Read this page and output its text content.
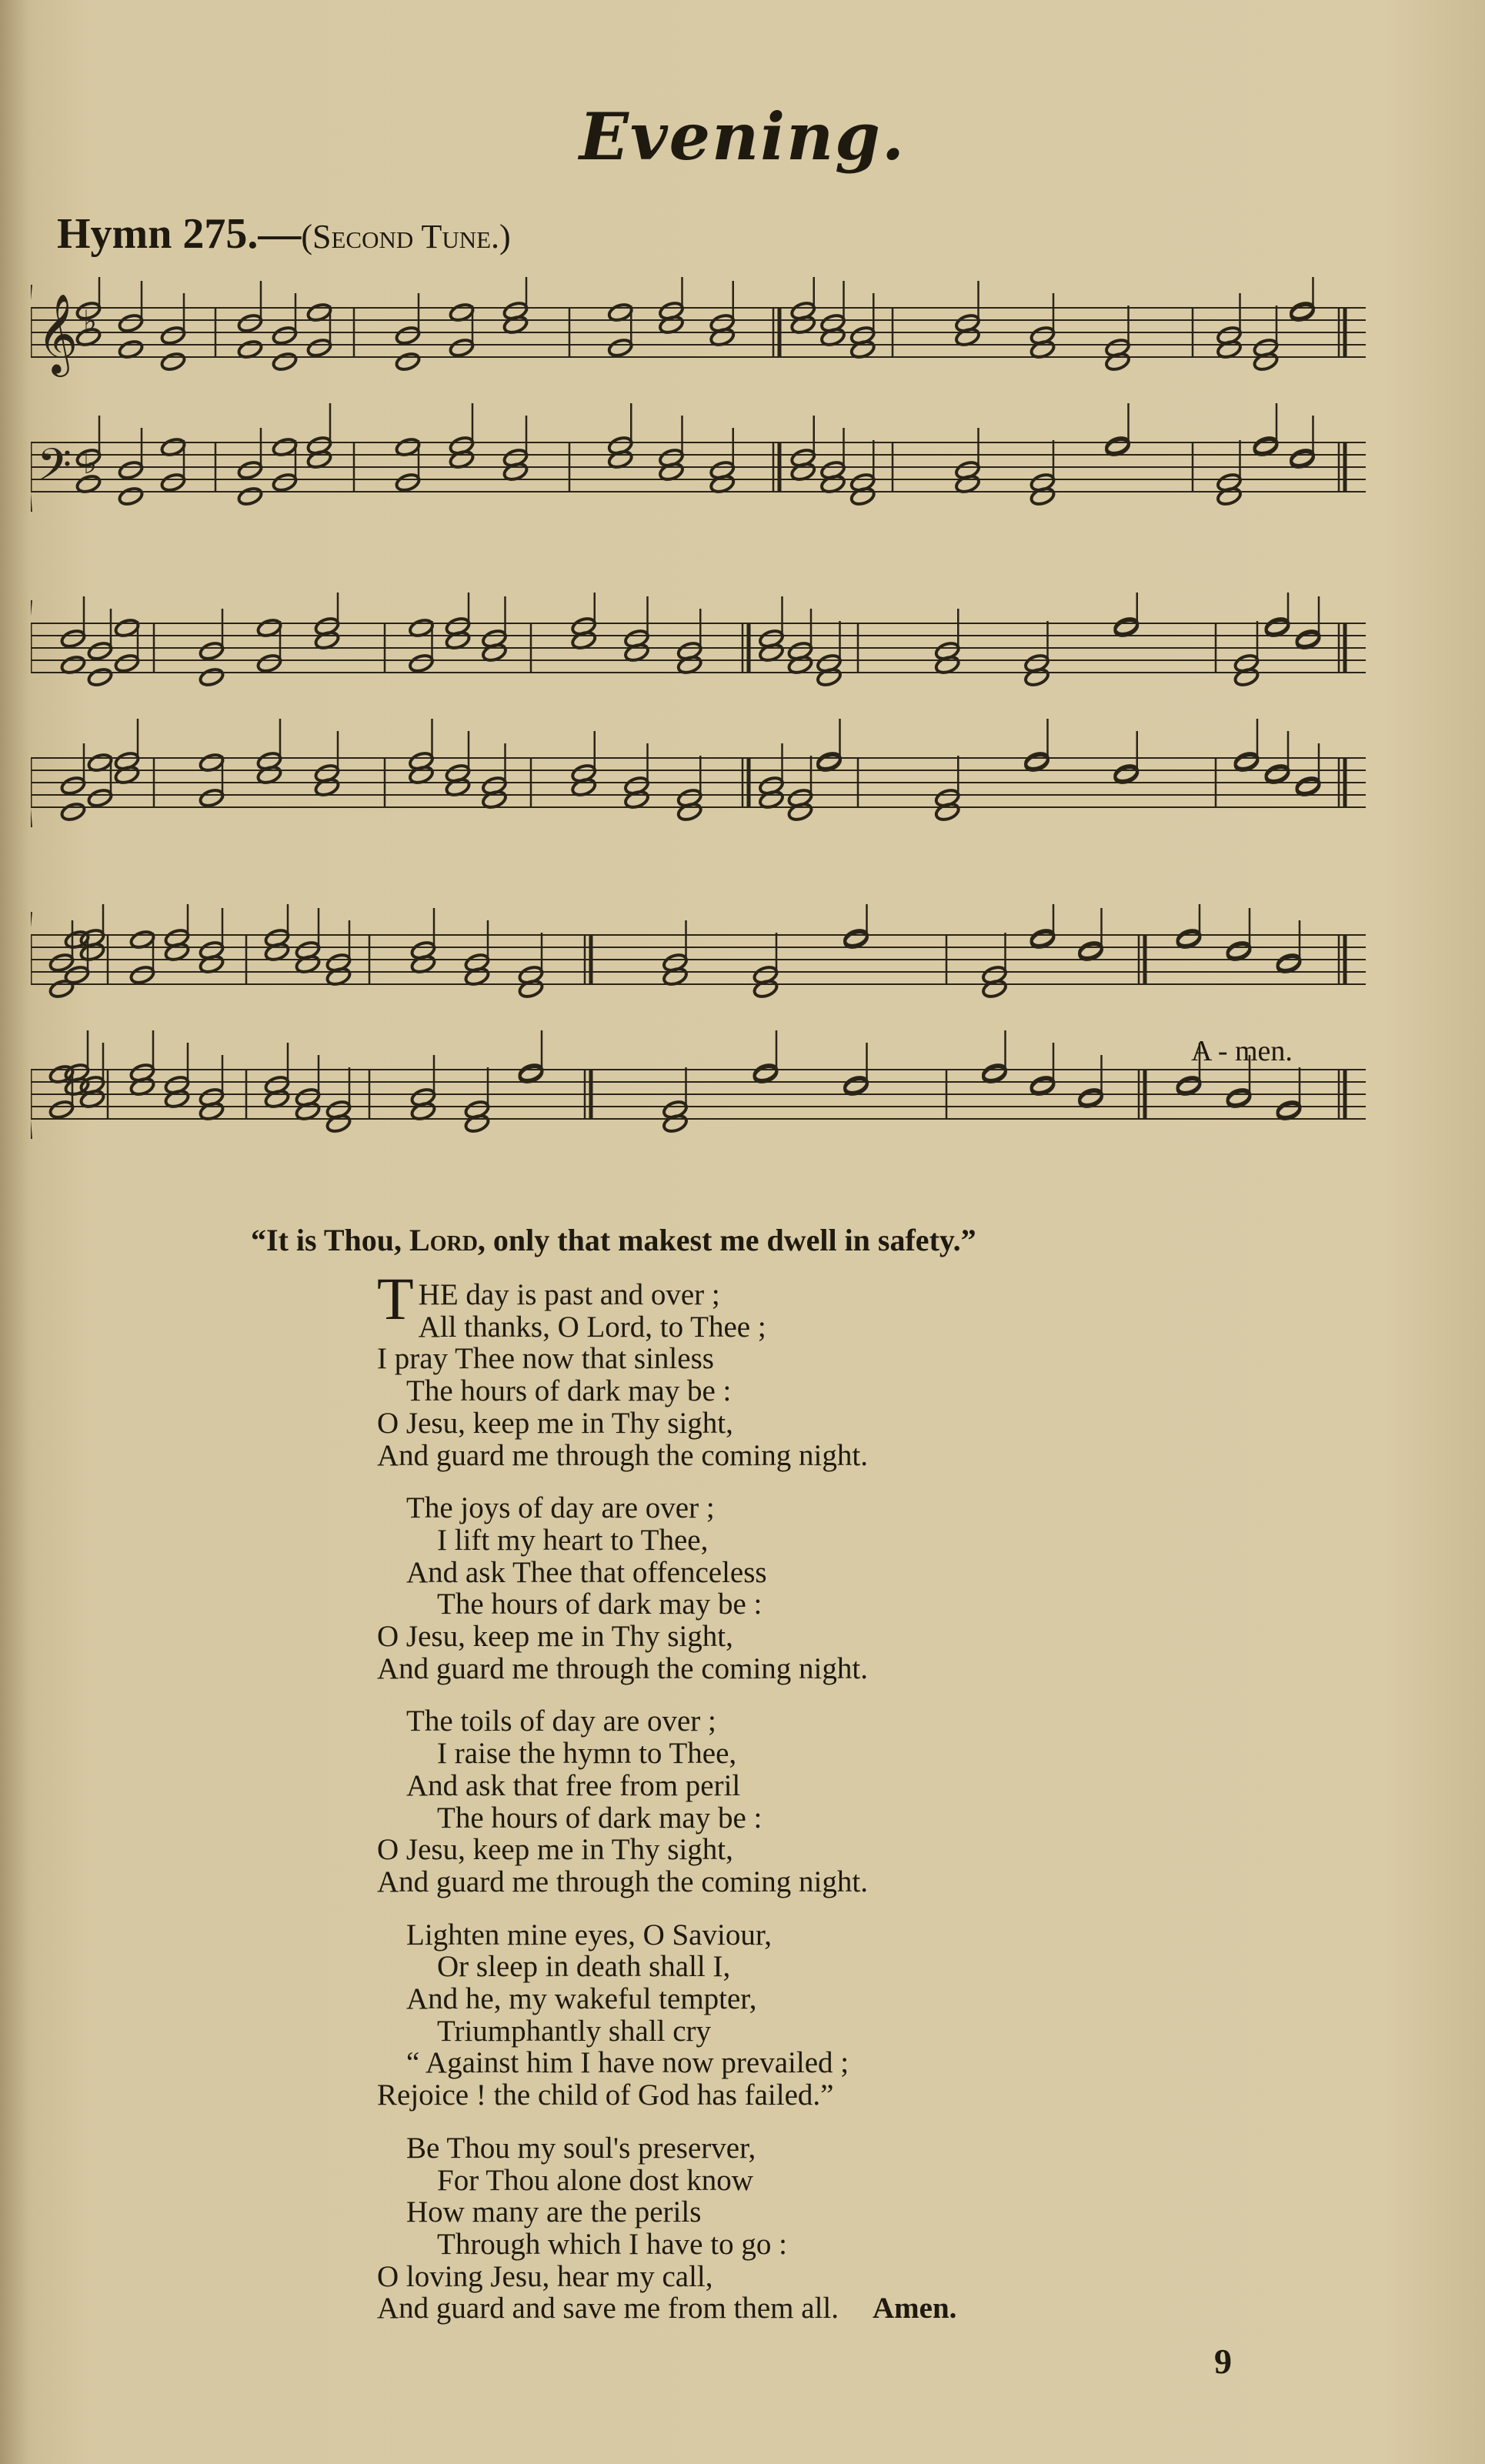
Evening.
Hymn 275.—(Second Tune.)
𝄞
𝄢
♭
♭
A - men.
“It is Thou, Lord, only that makest me dwell in safety.”
THE day is past and over ;
All thanks, O Lord, to Thee ;
I pray Thee now that sinless
The hours of dark may be :
O Jesu, keep me in Thy sight,
And guard me through the coming night.
The joys of day are over ;
I lift my heart to Thee,
And ask Thee that offenceless
The hours of dark may be :
O Jesu, keep me in Thy sight,
And guard me through the coming night.
The toils of day are over ;
I raise the hymn to Thee,
And ask that free from peril
The hours of dark may be :
O Jesu, keep me in Thy sight,
And guard me through the coming night.
Lighten mine eyes, O Saviour,
Or sleep in death shall I,
And he, my wakeful tempter,
Triumphantly shall cry
“ Against him I have now prevailed ;
Rejoice ! the child of God has failed.”
Be Thou my soul's preserver,
For Thou alone dost know
How many are the perils
Through which I have to go :
O loving Jesu, hear my call,
And guard and save me from them all. Amen.
9
